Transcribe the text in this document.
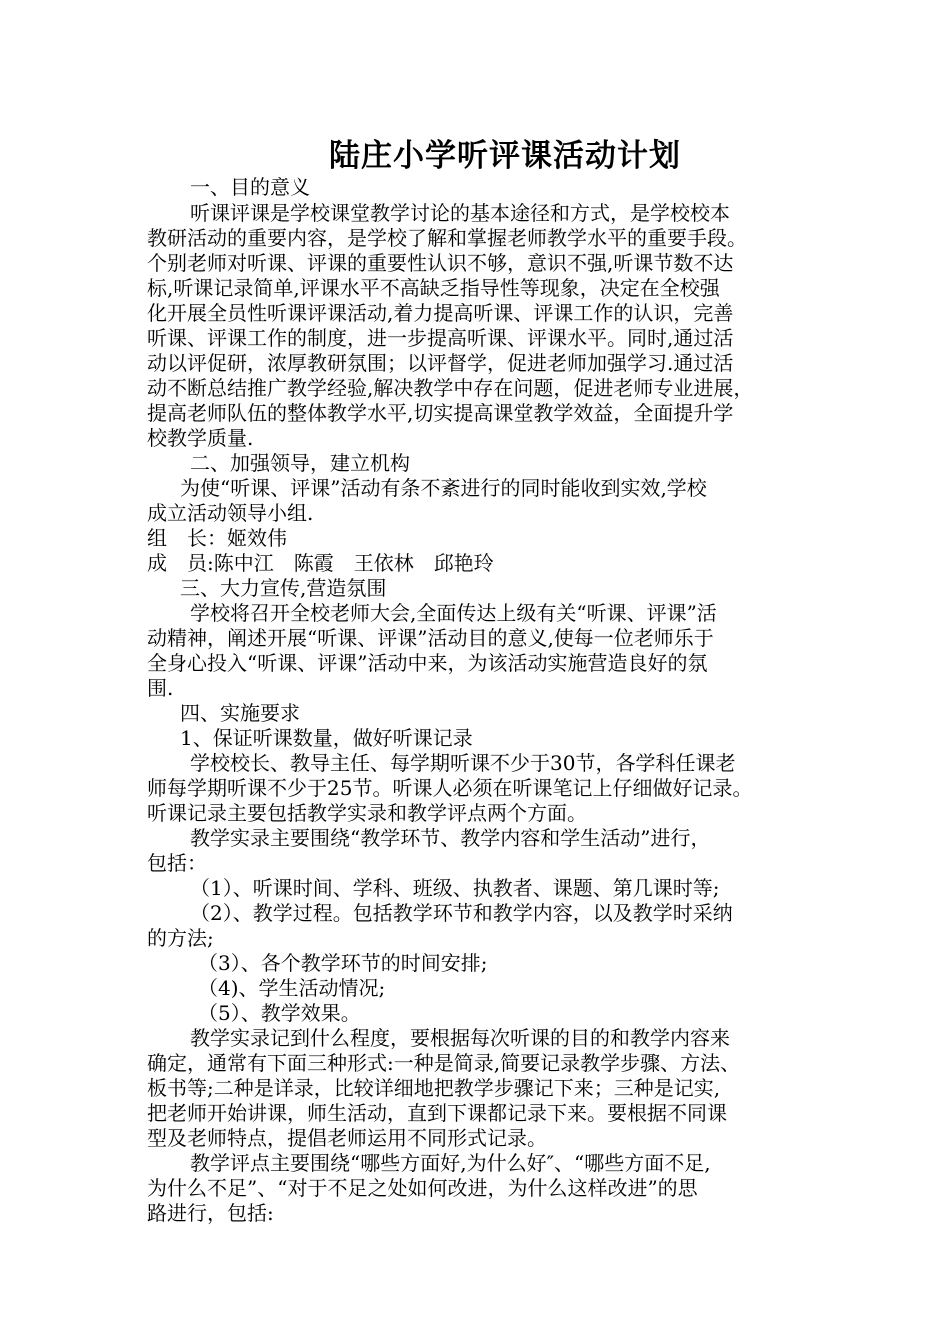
陆庄小学听评课活动计划
一、目的意义
听课评课是学校课堂教学讨论的基本途径和方式，是学校校本
教研活动的重要内容，是学校了解和掌握老师教学水平的重要手段。
个别老师对听课、评课的重要性认识不够，意识不强,听课节数不达
标,听课记录简单,评课水平不高缺乏指导性等现象，决定在全校强
化开展全员性听课评课活动,着力提高听课、评课工作的认识，完善
听课、评课工作的制度，进一步提高听课、评课水平。同时,通过活
动以评促研，浓厚教研氛围；以评督学，促进老师加强学习.通过活
动不断总结推广教学经验,解决教学中存在问题，促进老师专业进展，
提高老师队伍的整体教学水平,切实提高课堂教学效益，全面提升学
校教学质量.
二、加强领导，建立机构
为使“听课、评课”活动有条不紊进行的同时能收到实效,学校
成立活动领导小组.
组　长：姬效伟
成　员:陈中江　陈霞　王依林　邱艳玲
三、大力宣传,营造氛围
学校将召开全校老师大会,全面传达上级有关“听课、评课”活
动精神，阐述开展“听课、评课”活动目的意义,使每一位老师乐于
全身心投入“听课、评课”活动中来，为该活动实施营造良好的氛
围.
四、实施要求
1、保证听课数量，做好听课记录
学校校长、教导主任、每学期听课不少于30节，各学科任课老
师每学期听课不少于25节。听课人必须在听课笔记上仔细做好记录。
听课记录主要包括教学实录和教学评点两个方面。
教学实录主要围绕“教学环节、教学内容和学生活动”进行，
包括：
（1）、听课时间、学科、班级、执教者、课题、第几课时等;
（2）、教学过程。包括教学环节和教学内容，以及教学时采纳
的方法;
（3）、各个教学环节的时间安排;
（4)、学生活动情况;
（5）、教学效果。
教学实录记到什么程度，要根据每次听课的目的和教学内容来
确定，通常有下面三种形式:一种是简录,简要记录教学步骤、方法、
板书等;二种是详录，比较详细地把教学步骤记下来；三种是记实,
把老师开始讲课，师生活动，直到下课都记录下来。要根据不同课
型及老师特点，提倡老师运用不同形式记录。
教学评点主要围绕“哪些方面好,为什么好″、“哪些方面不足,
为什么不足”、“对于不足之处如何改进，为什么这样改进”的思
路进行，包括:
